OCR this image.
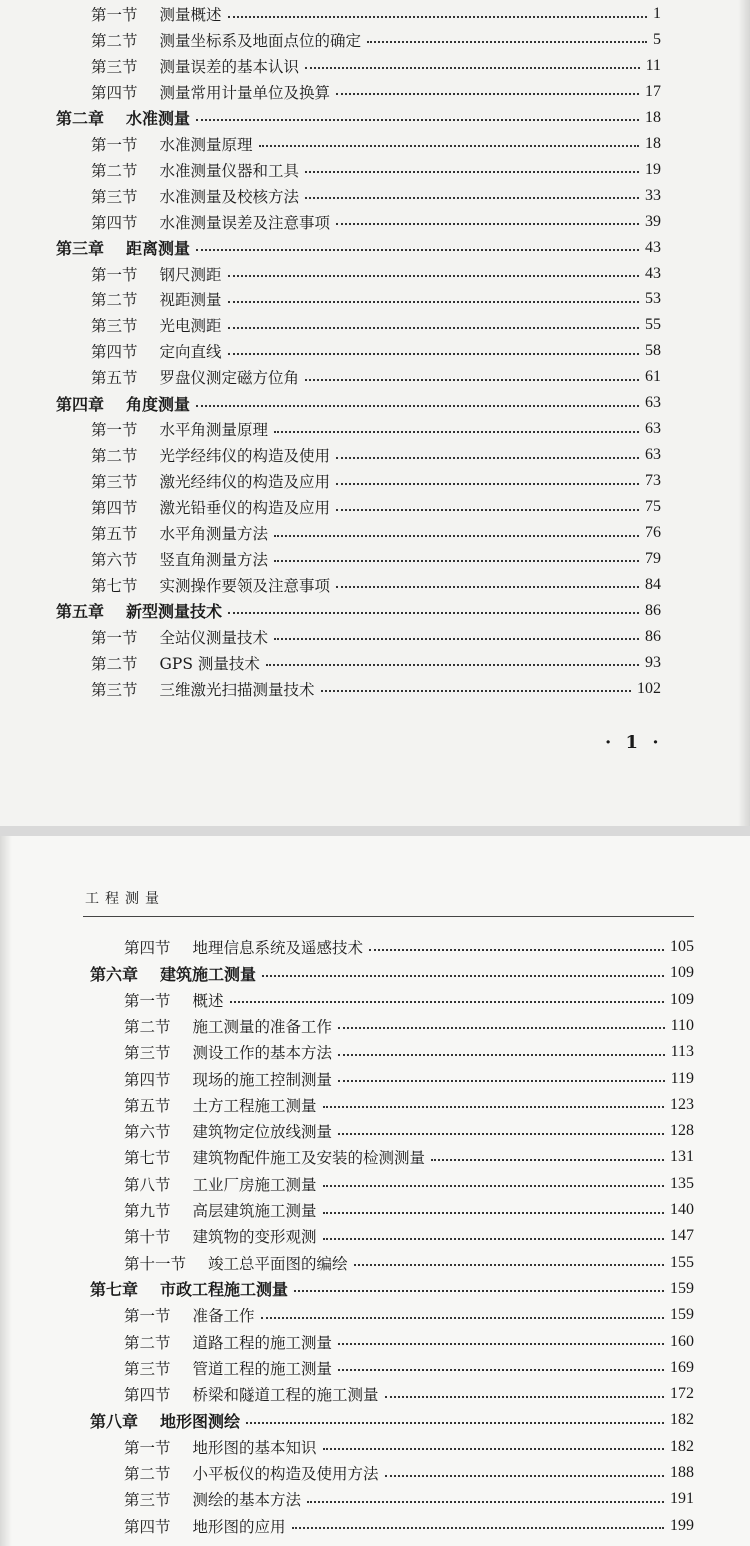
第一节 测量概述	1
第二节 测量坐标系及地面点位的确定	5
第三节 测量误差的基本认识	11
第四节 测量常用计量单位及换算	17
第二章 水准测量	18
第一节 水准测量原理	18
第二节 水准测量仪器和工具	19
第三节 水准测量及校核方法	33
第四节 水准测量误差及注意事项	39
第三章 距离测量	43
第一节 钢尺测距	43
第二节 视距测量	53
第三节 光电测距	55
第四节 定向直线	58
第五节 罗盘仪测定磁方位角	61
第四章 角度测量	63
第一节 水平角测量原理	63
第二节 光学经纬仪的构造及使用	63
第三节 激光经纬仪的构造及应用	73
第四节 激光铅垂仪的构造及应用	75
第五节 水平角测量方法	76
第六节 竖直角测量方法	79
第七节 实测操作要领及注意事项	84
第五章 新型测量技术	86
第一节 全站仪测量技术	86
第二节 GPS 测量技术	93
第三节 三维激光扫描测量技术	102
· 1 ·
工程测量
第四节 地理信息系统及遥感技术	105
第六章 建筑施工测量	109
第一节 概述	109
第二节 施工测量的准备工作	110
第三节 测设工作的基本方法	113
第四节 现场的施工控制测量	119
第五节 土方工程施工测量	123
第六节 建筑物定位放线测量	128
第七节 建筑物配件施工及安装的检测测量	131
第八节 工业厂房施工测量	135
第九节 高层建筑施工测量	140
第十节 建筑物的变形观测	147
第十一节 竣工总平面图的编绘	155
第七章 市政工程施工测量	159
第一节 准备工作	159
第二节 道路工程的施工测量	160
第三节 管道工程的施工测量	169
第四节 桥梁和隧道工程的施工测量	172
第八章 地形图测绘	182
第一节 地形图的基本知识	182
第二节 小平板仪的构造及使用方法	188
第三节 测绘的基本方法	191
第四节 地形图的应用	199
